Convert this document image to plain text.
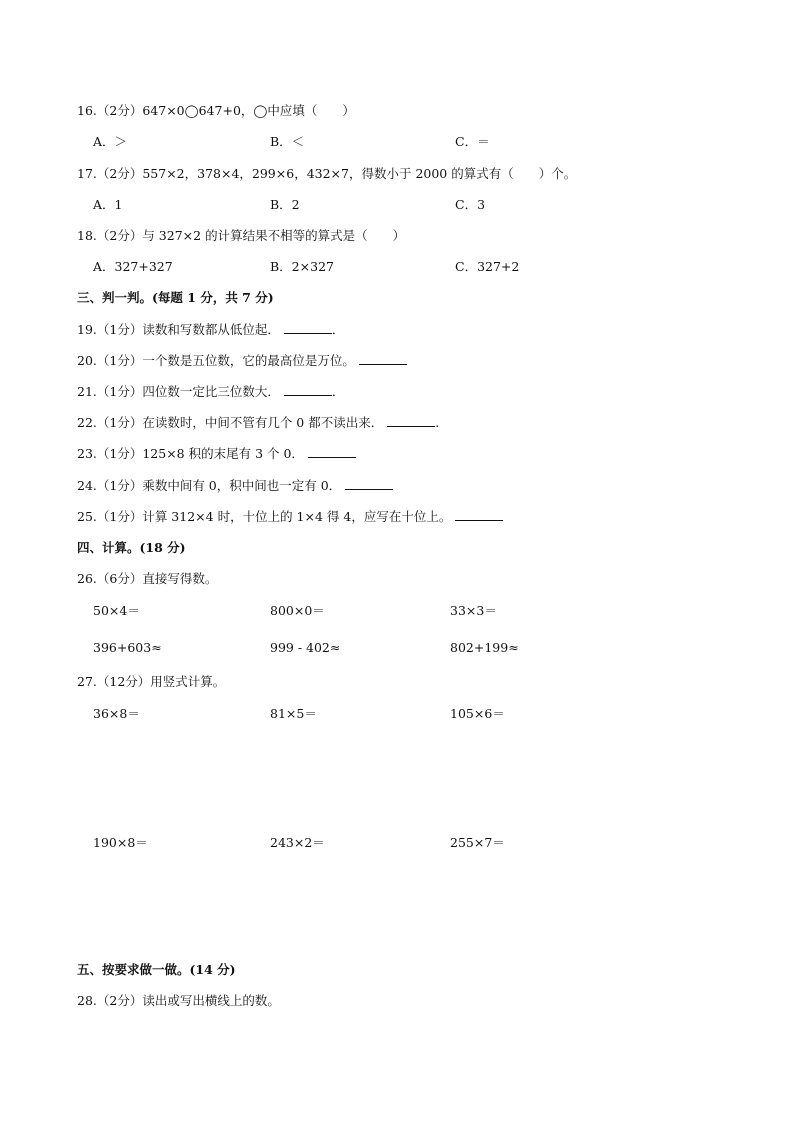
16.（2分）647×0◯647+0，◯中应填（　　）
A．＞	B．＜	C．＝
17.（2分）557×2，378×4，299×6，432×7，得数小于 2000 的算式有（　　）个。
A．1	B．2	C．3
18.（2分）与 327×2 的计算结果不相等的算式是（　　）
A．327+327	B．2×327	C．327+2
三、判一判。(每题 1 分，共 7 分)
19.（1分）读数和写数都从低位起．	．
20.（1分）一个数是五位数，它的最高位是万位。
21.（1分）四位数一定比三位数大．	．
22.（1分）在读数时，中间不管有几个 0 都不读出来．	.
23.（1分）125×8 积的末尾有 3 个 0．
24.（1分）乘数中间有 0，积中间也一定有 0．
25.（1分）计算 312×4 时，十位上的 1×4 得 4，应写在十位上。
四、计算。(18 分)
26.（6分）直接写得数。
50×4＝	800×0＝	33×3＝
396+603≈	999 - 402≈	802+199≈
27.（12分）用竖式计算。
36×8＝	81×5＝	105×6＝
190×8＝	243×2＝	255×7＝
五、按要求做一做。(14 分)
28.（2分）读出或写出横线上的数。
